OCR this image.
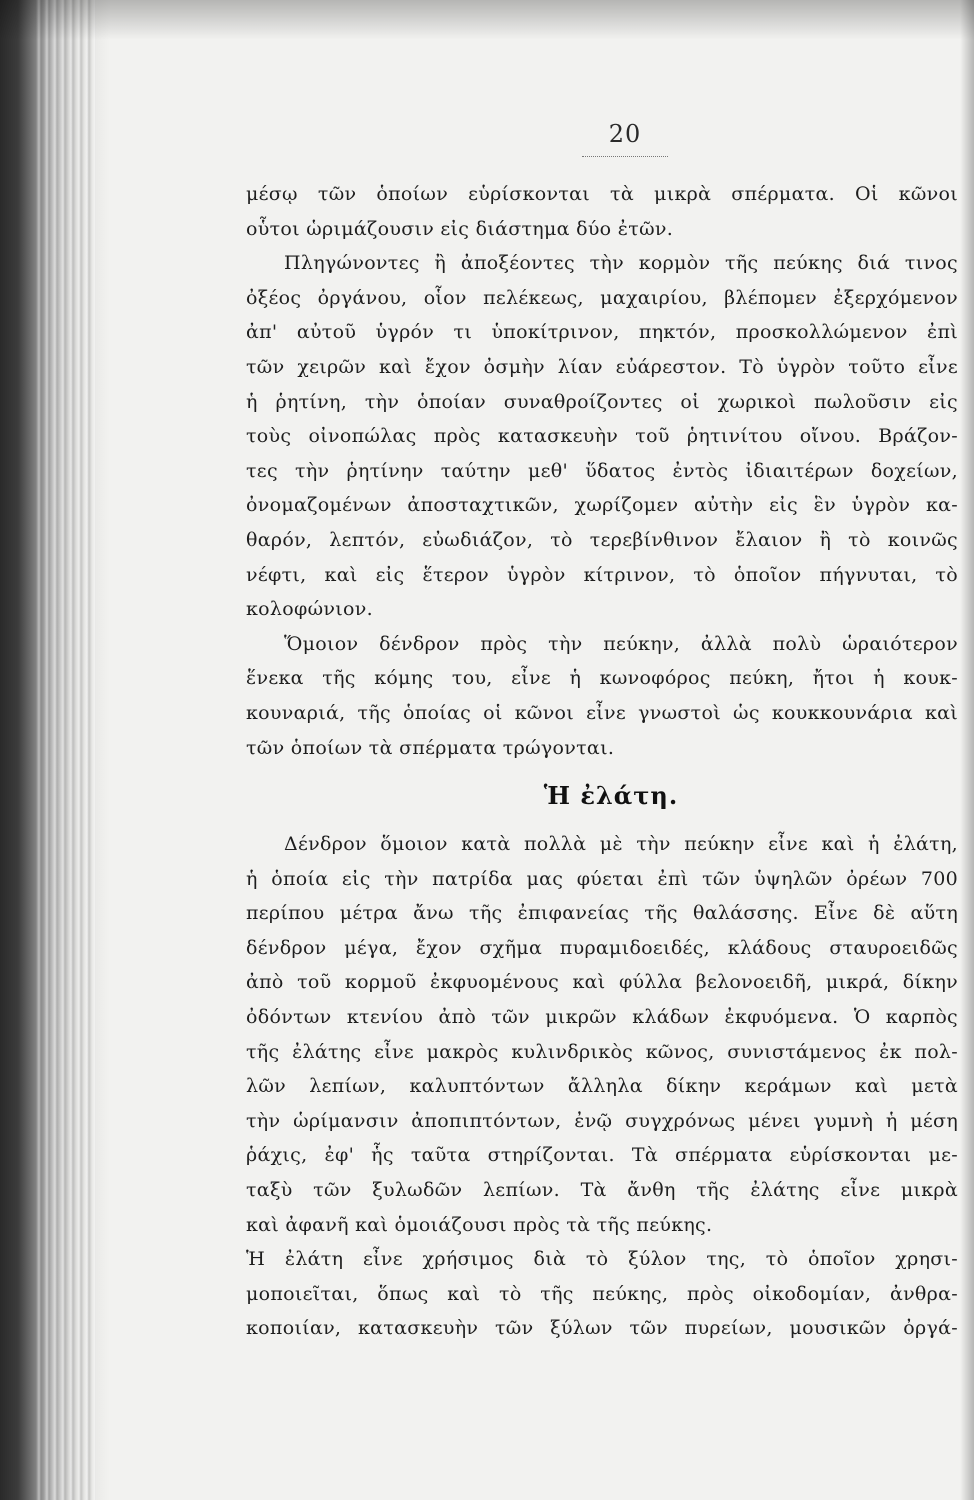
20
μέσῳ τῶν ὁποίων εὑρίσκονται τὰ μικρὰ σπέρματα. Οἱ κῶνοι
οὗτοι ὡριμάζουσιν εἰς διάστημα δύο ἐτῶν.
Πληγώνοντες ἢ ἀποξέοντες τὴν κορμὸν τῆς πεύκης διά τινος
ὀξέος ὀργάνου, οἷον πελέκεως, μαχαιρίου, βλέπομεν ἐξερχόμενον
ἀπ' αὐτοῦ ὑγρόν τι ὑποκίτρινον, πηκτόν, προσκολλώμενον ἐπὶ
τῶν χειρῶν καὶ ἔχον ὀσμὴν λίαν εὐάρεστον. Τὸ ὑγρὸν τοῦτο εἶνε
ἡ ῥητίνη, τὴν ὁποίαν συναθροίζοντες οἱ χωρικοὶ πωλοῦσιν εἰς
τοὺς οἰνοπώλας πρὸς κατασκευὴν τοῦ ῥητινίτου οἴνου. Βράζον-
τες τὴν ῥητίνην ταύτην μεθ' ὕδατος ἐντὸς ἰδιαιτέρων δοχείων,
ὀνομαζομένων ἀποσταχτικῶν, χωρίζομεν αὐτὴν εἰς ἓν ὑγρὸν κα-
θαρόν, λεπτόν, εὐωδιάζον, τὸ τερεβίνθινον ἔλαιον ἢ τὸ κοινῶς
νέφτι, καὶ εἰς ἕτερον ὑγρὸν κίτρινον, τὸ ὁποῖον πήγνυται, τὸ
κολοφώνιον.
Ὅμοιον δένδρον πρὸς τὴν πεύκην, ἀλλὰ πολὺ ὡραιότερον
ἕνεκα τῆς κόμης του, εἶνε ἡ κωνοφόρος πεύκη, ἤτοι ἡ κουκ-
κουναριά, τῆς ὁποίας οἱ κῶνοι εἶνε γνωστοὶ ὡς κουκκουνάρια καὶ
τῶν ὁποίων τὰ σπέρματα τρώγονται.
Ἡ ἐλάτη.
Δένδρον ὅμοιον κατὰ πολλὰ μὲ τὴν πεύκην εἶνε καὶ ἡ ἐλάτη,
ἡ ὁποία εἰς τὴν πατρίδα μας φύεται ἐπὶ τῶν ὑψηλῶν ὀρέων 700
περίπου μέτρα ἄνω τῆς ἐπιφανείας τῆς θαλάσσης. Εἶνε δὲ αὕτη
δένδρον μέγα, ἔχον σχῆμα πυραμιδοειδές, κλάδους σταυροειδῶς
ἀπὸ τοῦ κορμοῦ ἐκφυομένους καὶ φύλλα βελονοειδῆ, μικρά, δίκην
ὀδόντων κτενίου ἀπὸ τῶν μικρῶν κλάδων ἐκφυόμενα. Ὁ καρπὸς
τῆς ἐλάτης εἶνε μακρὸς κυλινδρικὸς κῶνος, συνιστάμενος ἐκ πολ-
λῶν λεπίων, καλυπτόντων ἄλληλα δίκην κεράμων καὶ μετὰ
τὴν ὡρίμανσιν ἀποπιπτόντων, ἐνῷ συγχρόνως μένει γυμνὴ ἡ μέση
ῥάχις, ἐφ' ἧς ταῦτα στηρίζονται. Τὰ σπέρματα εὑρίσκονται με-
ταξὺ τῶν ξυλωδῶν λεπίων. Τὰ ἄνθη τῆς ἐλάτης εἶνε μικρὰ
καὶ ἀφανῆ καὶ ὁμοιάζουσι πρὸς τὰ τῆς πεύκης.
Ἡ ἐλάτη εἶνε χρήσιμος διὰ τὸ ξύλον της, τὸ ὁποῖον χρησι-
μοποιεῖται, ὅπως καὶ τὸ τῆς πεύκης, πρὸς οἰκοδομίαν, ἀνθρα-
κοποιίαν, κατασκευὴν τῶν ξύλων τῶν πυρείων, μουσικῶν ὀργά-
